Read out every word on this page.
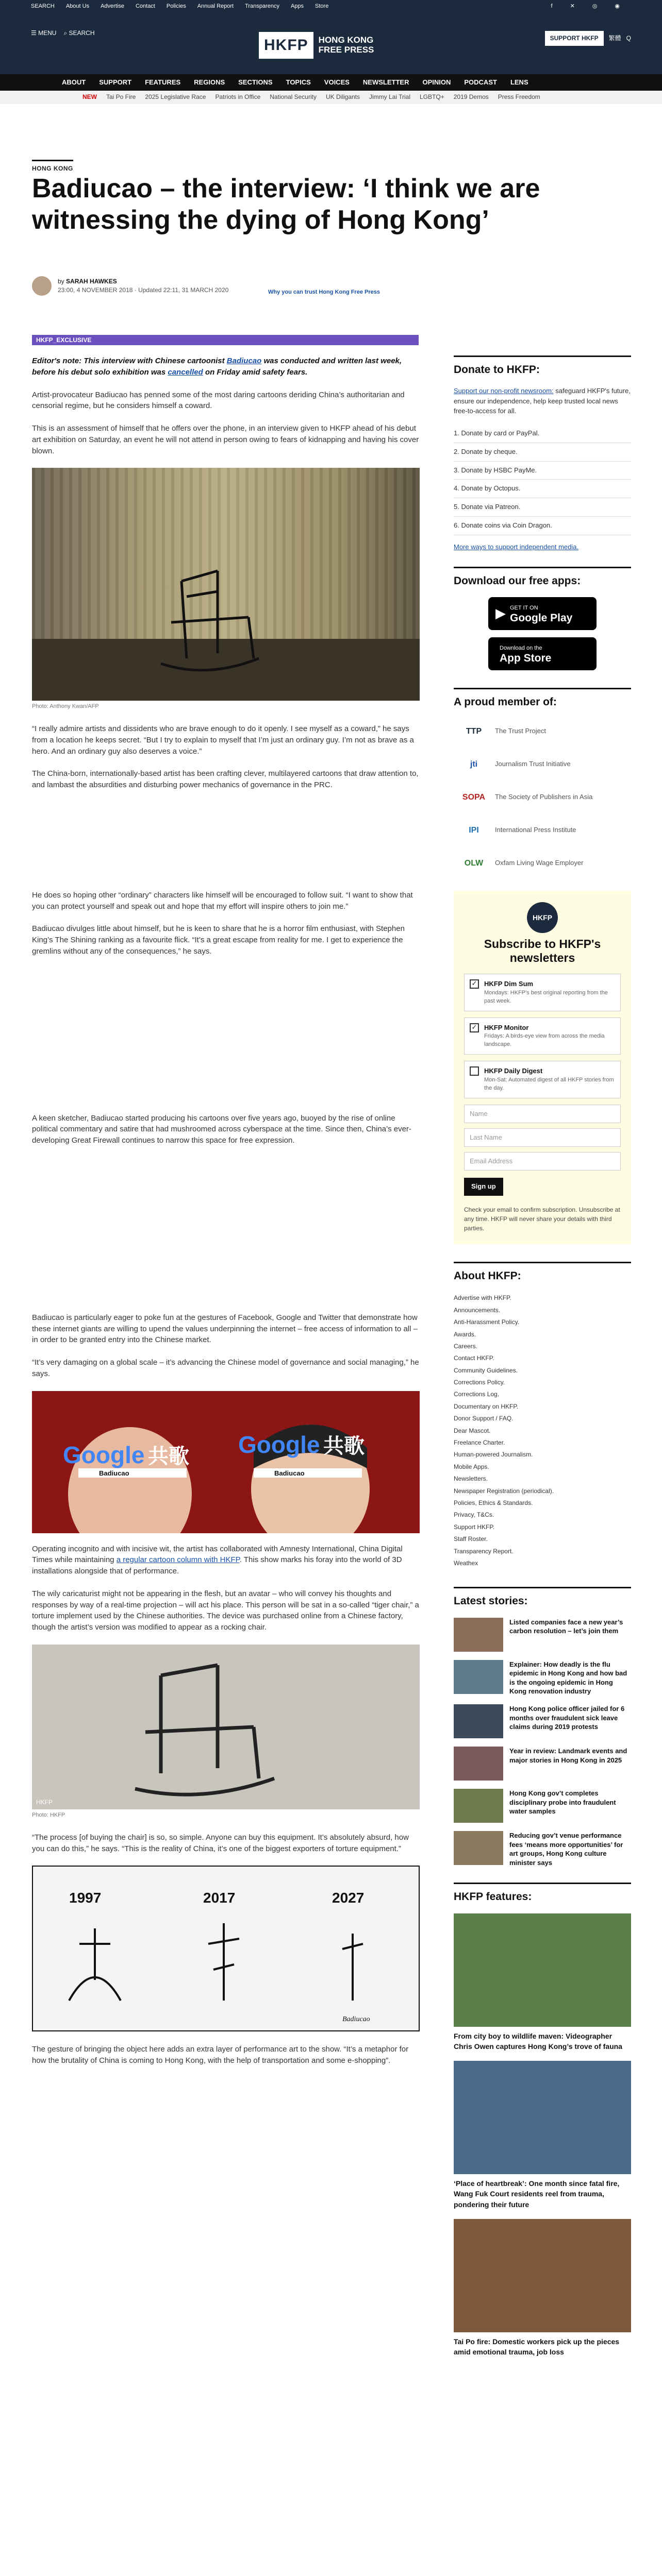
SEARCH About Us Advertise Contact Policies Annual Report Transparency Apps Store	f	✕	◎	◉
☰ MENU ⌕ SEARCH
HKFP	HONG KONG
FREE PRESS
SUPPORT HKFP	繁體 Q
ABOUT SUPPORT FEATURES REGIONS SECTIONS TOPICS VOICES NEWSLETTER OPINION PODCAST LENS
NEW Tai Po Fire 2025 Legislative Race Patriots in Office National Security UK Diligants Jimmy Lai Trial LGBTQ+ 2019 Demos Press Freedom
HONG KONG
Badiucao – the interview: ‘I think we are witnessing the dying of Hong Kong’
by SARAH HAWKES
23:00, 4 NOVEMBER 2018 · Updated 22:11, 31 MARCH 2020	Why you can trust Hong Kong Free Press
HKFP_EXCLUSIVE

Editor's note: This interview with Chinese cartoonist Badiucao was conducted and written last week, before his debut solo exhibition was cancelled on Friday amid safety fears.

Artist-provocateur Badiucao has penned some of the most daring cartoons deriding China’s authoritarian and censorial regime, but he considers himself a coward.

This is an assessment of himself that he offers over the phone, in an interview given to HKFP ahead of his debut art exhibition on Saturday, an event he will not attend in person owing to fears of kidnapping and having his cover blown.

Photo: Anthony Kwan/AFP

“I really admire artists and dissidents who are brave enough to do it openly. I see myself as a coward,” he says from a location he keeps secret. “But I try to explain to myself that I’m just an ordinary guy. I’m not as brave as a hero. And an ordinary guy also deserves a voice.”

The China-born, internationally-based artist has been crafting clever, multilayered cartoons that draw attention to, and lambast the absurdities and disturbing power mechanics of governance in the PRC.

He does so hoping other “ordinary” characters like himself will be encouraged to follow suit. “I want to show that you can protect yourself and speak out and hope that my effort will inspire others to join me.”

Badiucao divulges little about himself, but he is keen to share that he is a horror film enthusiast, with Stephen King’s The Shining ranking as a favourite flick. “It’s a great escape from reality for me. I get to experience the gremlins without any of the consequences,” he says.

A keen sketcher, Badiucao started producing his cartoons over five years ago, buoyed by the rise of online political commentary and satire that had mushroomed across cyberspace at the time. Since then, China’s ever-developing Great Firewall continues to narrow this space for free expression.

Badiucao is particularly eager to poke fun at the gestures of Facebook, Google and Twitter that demonstrate how these internet giants are willing to upend the values underpinning the internet – free access of information to all – in order to be granted entry into the Chinese market.

“It’s very damaging on a global scale – it’s advancing the Chinese model of governance and social managing,” he says.

Google 共歌 Google 共歌
Badiucao	Badiucao

Operating incognito and with incisive wit, the artist has collaborated with Amnesty International, China Digital Times while maintaining a regular cartoon column with HKFP. This show marks his foray into the world of 3D installations alongside that of performance.

The wily caricaturist might not be appearing in the flesh, but an avatar – who will convey his thoughts and responses by way of a real-time projection – will act his place. This person will be sat in a so-called “tiger chair,” a torture implement used by the Chinese authorities. The device was purchased online from a Chinese factory, though the artist’s version was modified to appear as a rocking chair.

HKFP
Photo: HKFP

“The process [of buying the chair] is so, so simple. Anyone can buy this equipment. It’s absolutely absurd, how you can do this,” he says. “This is the reality of China, it’s one of the biggest exporters of torture equipment.”

1997	2017	2027
Badiucao

The gesture of bringing the object here adds an extra layer of performance art to the show. “It’s a metaphor for how the brutality of China is coming to Hong Kong, with the help of transportation and some e-shopping”.

Donate to HKFP:
Support our non-profit newsroom: safeguard HKFP's future, ensure our independence, help keep trusted local news free-to-access for all.
1. Donate by card or PayPal.
2. Donate by cheque.
3. Donate by HSBC PayMe.
4. Donate by Octopus.
5. Donate via Patreon.
6. Donate coins via Coin Dragon.
More ways to support independent media.
Download our free apps:
▶ GET IT ON
Google Play
Download on the
App Store
A proud member of:
TTP	The Trust Project
jti	Journalism Trust Initiative
SOPA	The Society of Publishers in Asia
IPI	International Press Institute
OLW	Oxfam Living Wage Employer
HKFP
Subscribe to HKFP's newsletters
✓ HKFP Dim Sum
Mondays: HKFP's best original reporting from the past week.
✓ HKFP Monitor
Fridays: A birds-eye view from across the media landscape.
HKFP Daily Digest
Mon-Sat: Automated digest of all HKFP stories from the day.
Name
Last Name
Email Address
Sign up
Check your email to confirm subscription. Unsubscribe at any time. HKFP will never share your details with third parties.
About HKFP:
Advertise with HKFP.
Announcements.
Anti-Harassment Policy.
Awards.
Careers.
Contact HKFP.
Community Guidelines.
Corrections Policy.
Corrections Log.
Documentary on HKFP.
Donor Support / FAQ.
Dear Mascot.
Freelance Charter.
Human-powered Journalism.
Mobile Apps.
Newsletters.
Newspaper Registration (periodical).
Policies, Ethics & Standards.
Privacy, T&Cs.
Support HKFP.
Staff Roster.
Transparency Report.
Weathex
Latest stories:
Listed companies face a new year’s carbon resolution – let’s join them
Explainer: How deadly is the flu epidemic in Hong Kong and how bad is the ongoing epidemic in Hong Kong renovation industry
Hong Kong police officer jailed for 6 months over fraudulent sick leave claims during 2019 protests
Year in review: Landmark events and major stories in Hong Kong in 2025
Hong Kong gov’t completes disciplinary probe into fraudulent water samples
Reducing gov’t venue performance fees ‘means more opportunities’ for art groups, Hong Kong culture minister says
HKFP features:
From city boy to wildlife maven: Videographer Chris Owen captures Hong Kong’s trove of fauna
‘Place of heartbreak’: One month since fatal fire, Wang Fuk Court residents reel from trauma, pondering their future
Tai Po fire: Domestic workers pick up the pieces amid emotional trauma, job loss
